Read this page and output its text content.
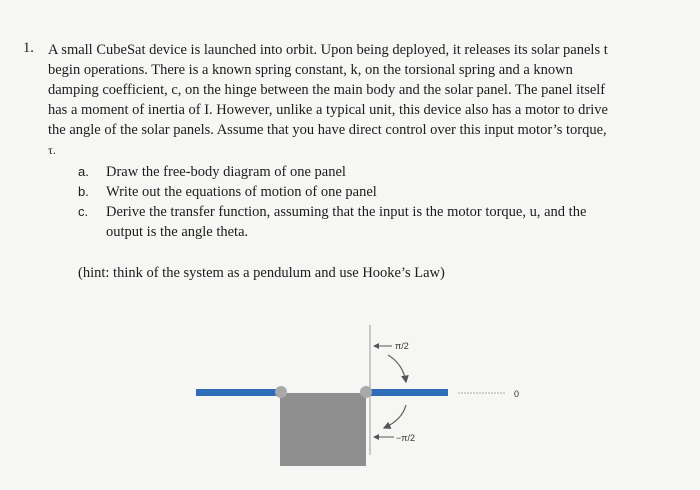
1. A small CubeSat device is launched into orbit. Upon being deployed, it releases its solar panels t
begin operations. There is a known spring constant, k, on the torsional spring and a known
damping coefficient, c, on the hinge between the main body and the solar panel. The panel itself
has a moment of inertia of I. However, unlike a typical unit, this device also has a motor to drive
the angle of the solar panels. Assume that you have direct control over this input motor’s torque,
τ.
a.	Draw the free-body diagram of one panel
b.	Write out the equations of motion of one panel
c.	Derive the transfer function, assuming that the input is the motor torque, u, and the
output is the angle theta.
(hint: think of the system as a pendulum and use Hooke’s Law)
π/2
−π/2
0
